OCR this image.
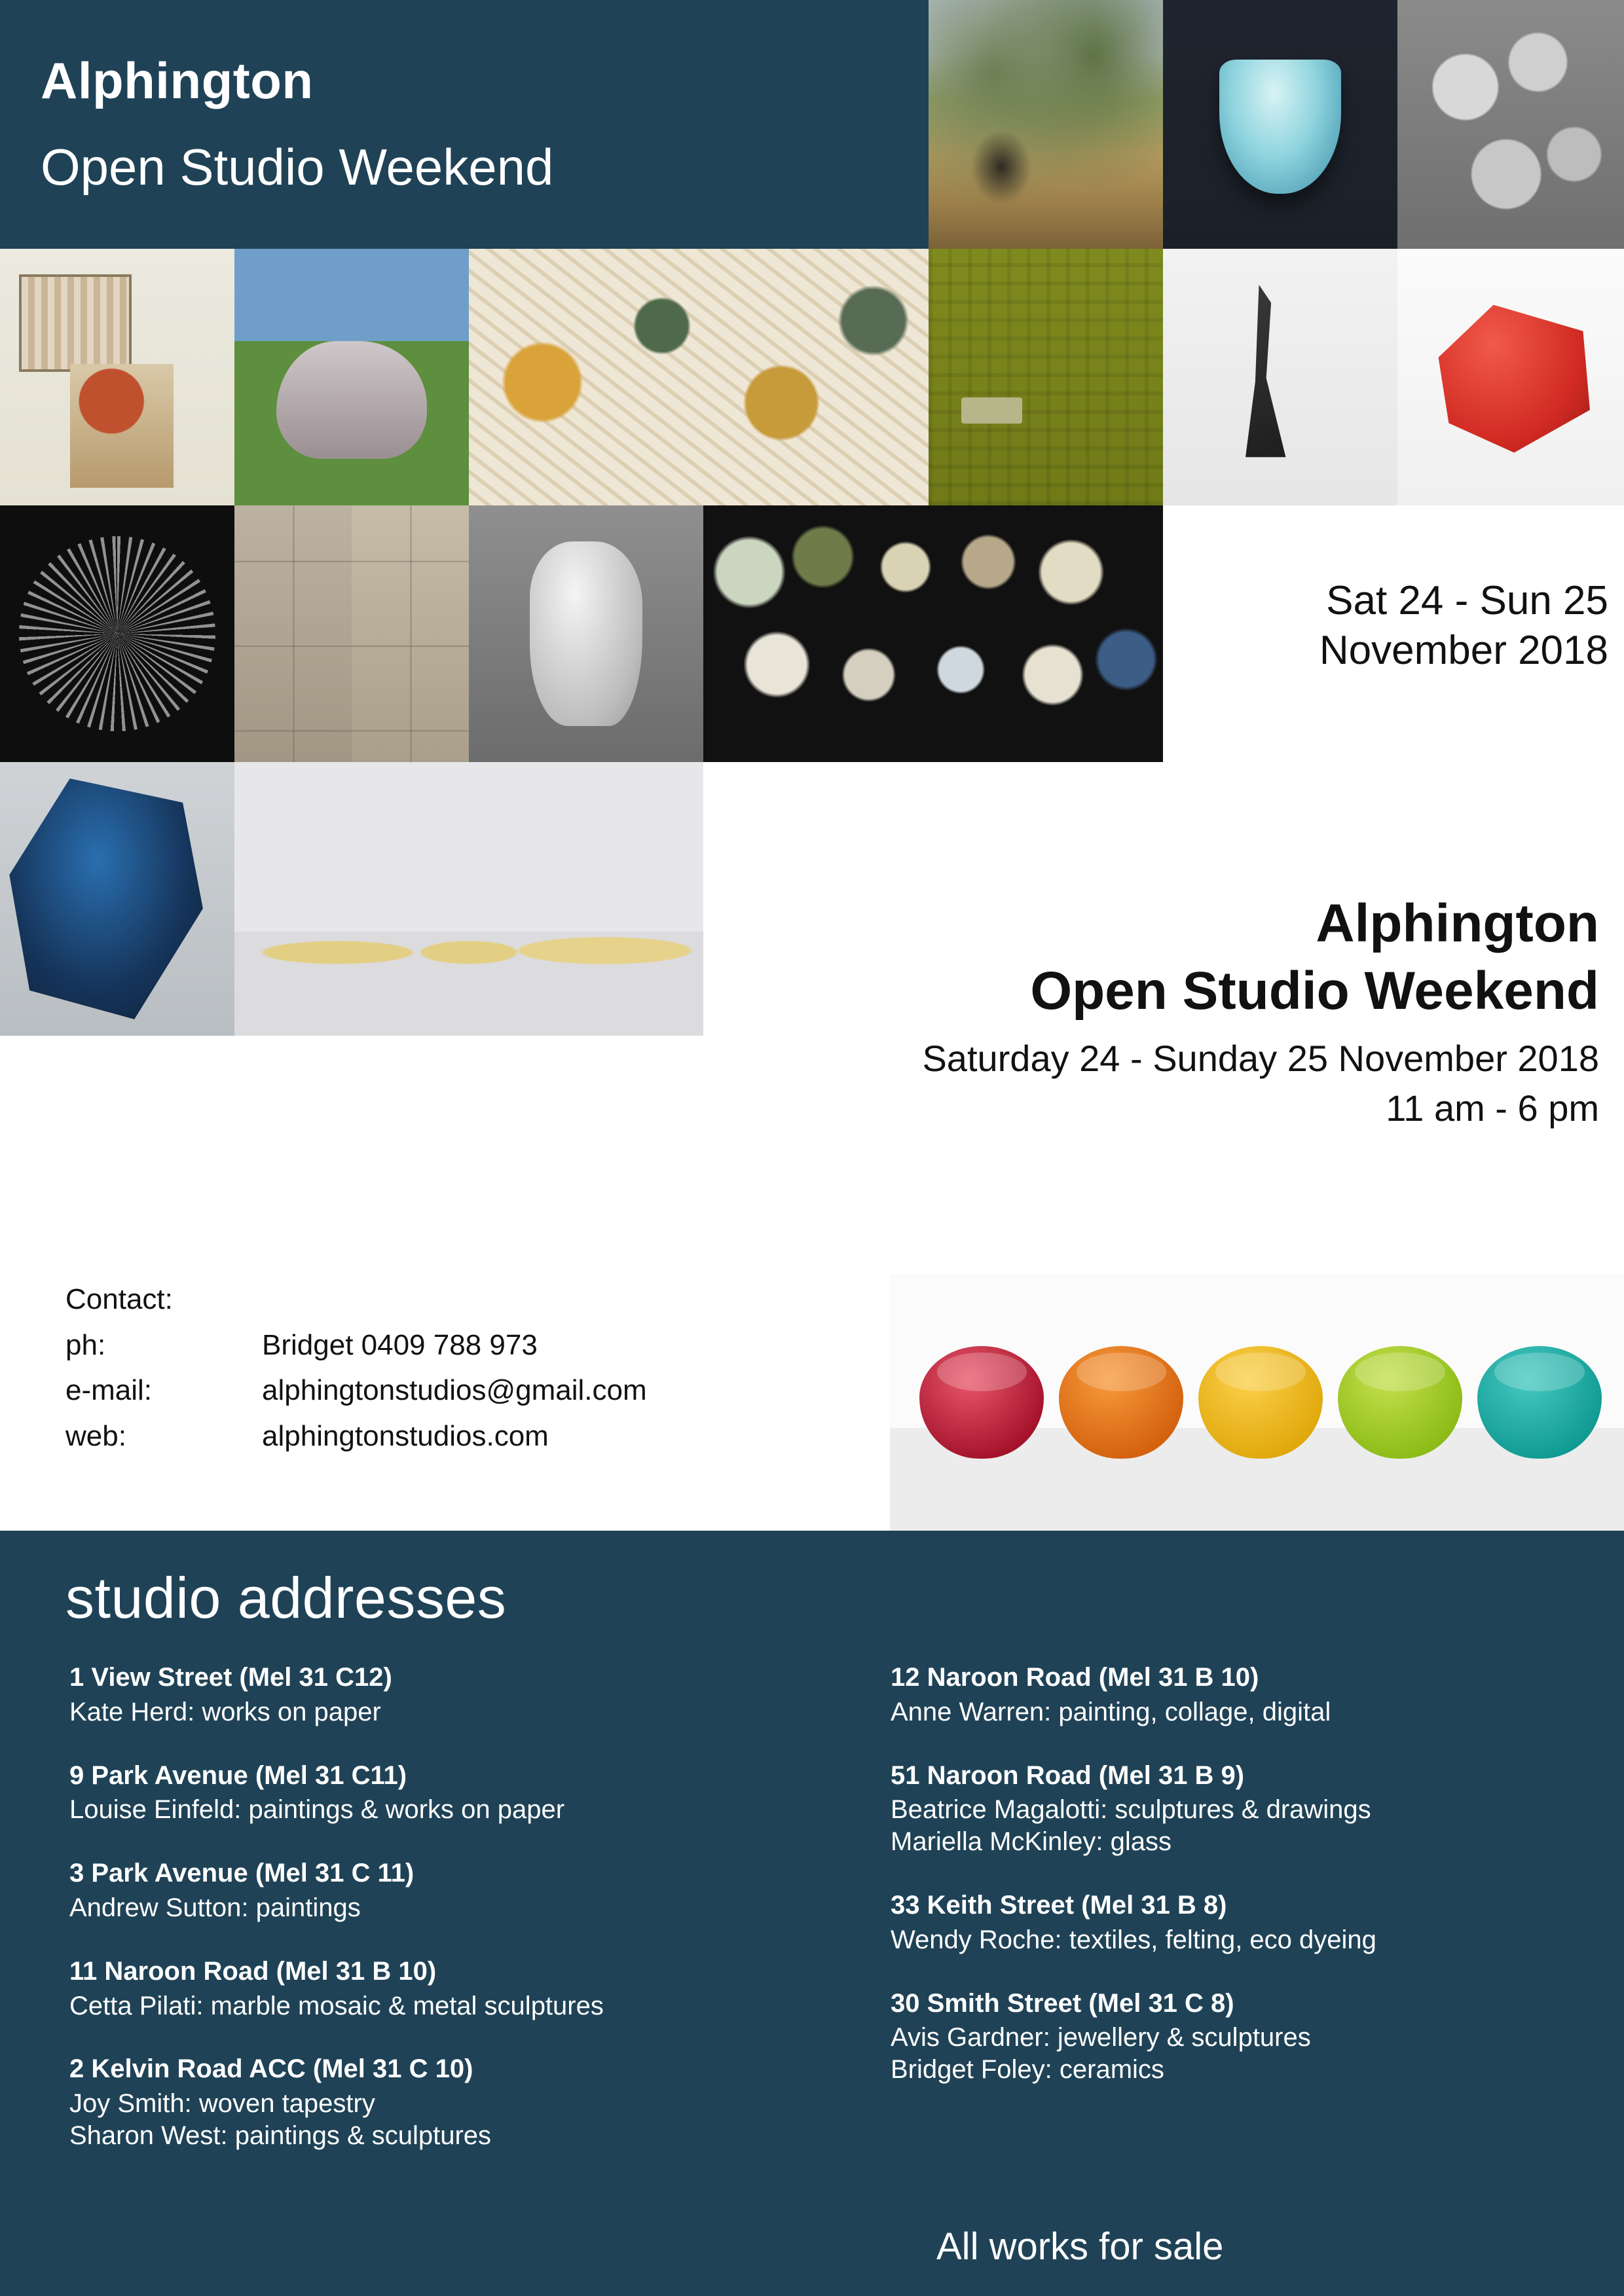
Alphington
Open Studio Weekend
Sat 24 - Sun 25
November 2018
Alphington
Open Studio Weekend
Saturday 24 - Sunday 25 November 2018
11 am - 6 pm
Contact:
ph:	Bridget 0409 788 973
e-mail:	alphingtonstudios@gmail.com
web:	alphingtonstudios.com
studio addresses
1 View Street (Mel 31 C12)
Kate Herd: works on paper
9 Park Avenue (Mel 31 C11)
Louise Einfeld: paintings & works on paper
3 Park Avenue (Mel 31 C 11)
Andrew Sutton: paintings
11 Naroon Road (Mel 31 B 10)
Cetta Pilati: marble mosaic & metal sculptures
2 Kelvin Road ACC (Mel 31 C 10)
Joy Smith: woven tapestry
Sharon West: paintings & sculptures
12 Naroon Road (Mel 31 B 10)
Anne Warren: painting, collage, digital
51 Naroon Road (Mel 31 B 9)
Beatrice Magalotti: sculptures & drawings
Mariella McKinley: glass
33 Keith Street (Mel 31 B 8)
Wendy Roche: textiles, felting, eco dyeing
30 Smith Street (Mel 31 C 8)
Avis Gardner: jewellery & sculptures
Bridget Foley: ceramics
All works for sale
